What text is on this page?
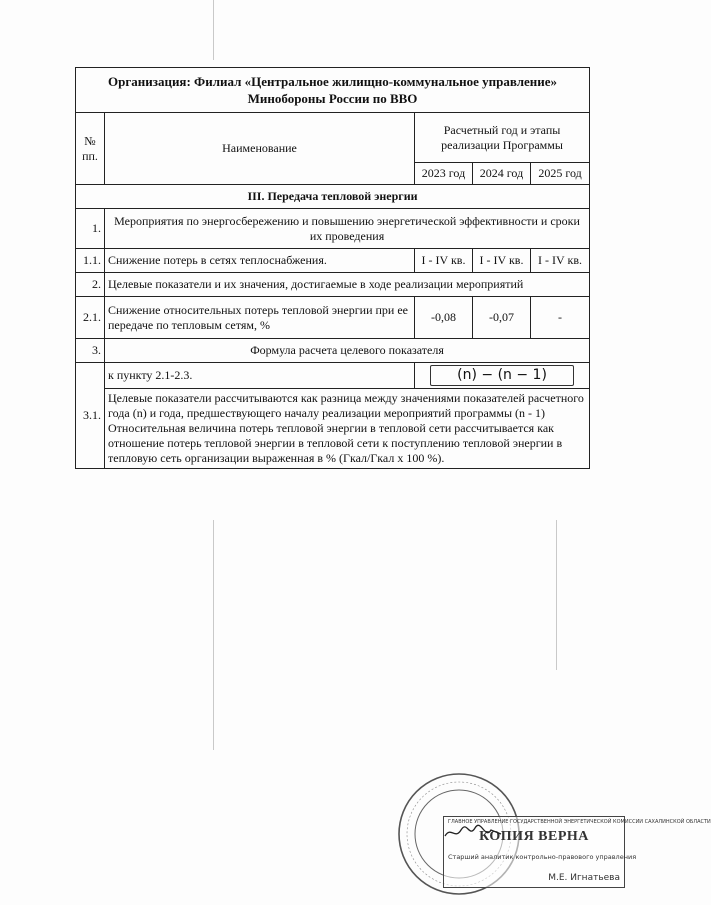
Организация: Филиал «Центральное жилищно-коммунальное управление» Минобороны России по ВВО				
№ пп.	Наименование	Расчетный год и этапы реализации Программы		
		2023 год	2024 год	2025 год
III. Передача тепловой энергии				
1.	Мероприятия по энергосбережению и повышению энергетической эффективности и сроки их проведения			
1.1.	Снижение потерь в сетях теплоснабжения.	I - IV кв.	I - IV кв.	I - IV кв.
2.	Целевые показатели и их значения, достигаемые в ходе реализации мероприятий			
2.1.	Снижение относительных потерь тепловой энергии при ее передаче по тепловым сетям, %	-0,08	-0,07	-
3.	Формула расчета целевого показателя			
3.1.	к пункту 2.1-2.3.	(n) − (n − 1)		

	Целевые показатели рассчитываются как разница между значениями показателей расчетного года (n) и года, предшествующего началу реализации мероприятий программы (n - 1)

Относительная величина потерь тепловой энергии в тепловой сети рассчитывается как отношение потерь тепловой энергии в тепловой сети к поступлению тепловой энергии в тепловую сеть организации выраженная в % (Гкал/Гкал х 100 %).			

ГЛАВНОЕ УПРАВЛЕНИЕ ГОСУДАРСТВЕННОЙ ЭНЕРГЕТИЧЕСКОЙ КОМИССИИ САХАЛИНСКОЙ ОБЛАСТИ
КОПИЯ ВЕРНА
Старший аналитик контрольно-правового управления
М.Е. Игнатьева
